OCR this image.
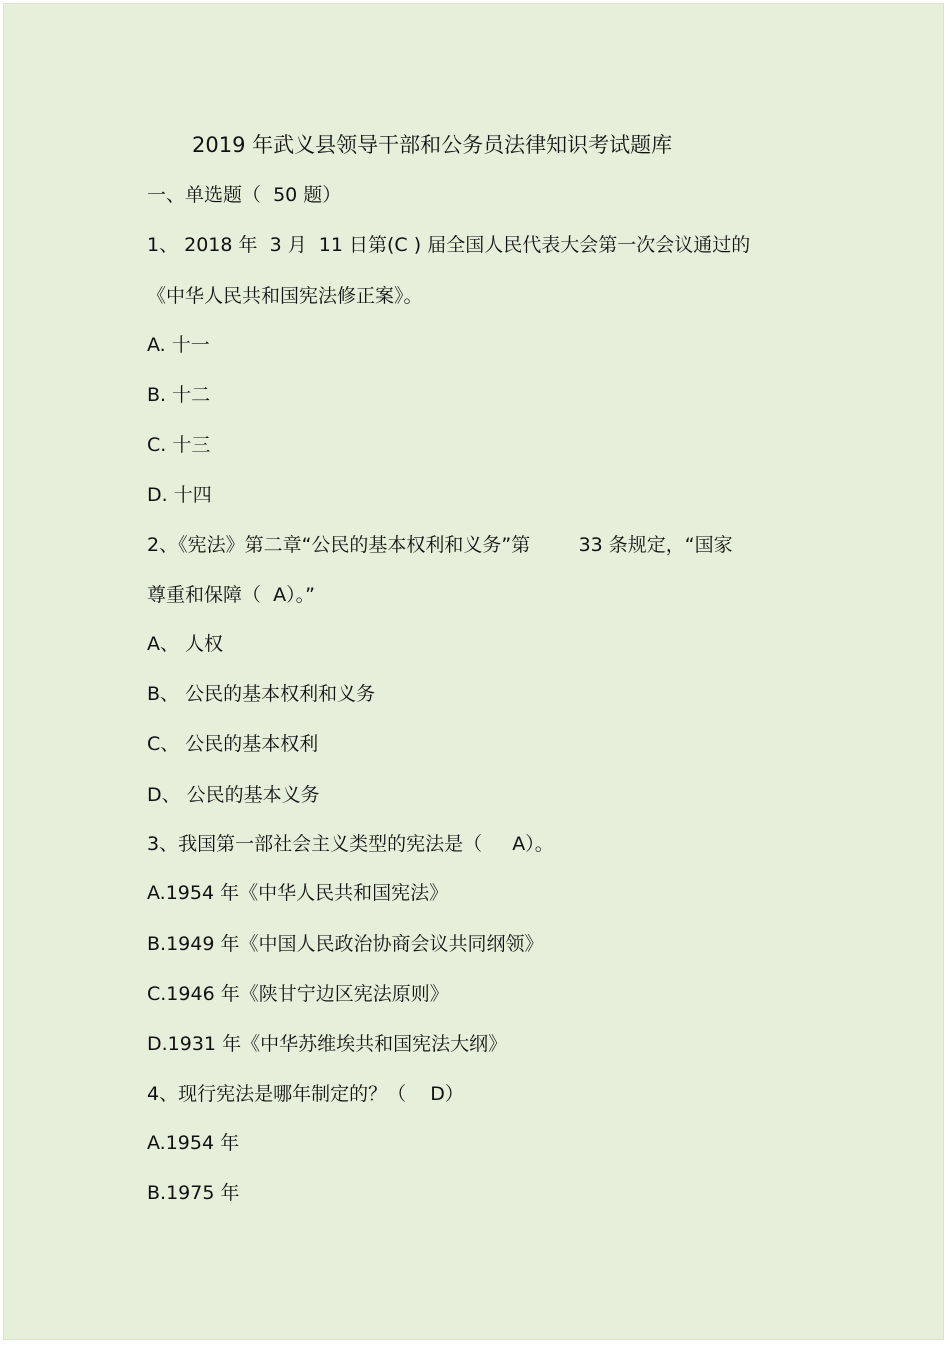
2019 年武义县领导干部和公务员法律知识考试题库
一、单选题（  50 题）
1、 2018 年  3 月  11 日第(C ) 届全国人民代表大会第一次会议通过的
《中华人民共和国宪法修正案》。
A. 十一
B. 十二
C. 十三
D. 十四
2、《宪法》第二章“公民的基本权利和义务”第        33 条规定，“国家
尊重和保障（  A）。”
A、 人权
B、 公民的基本权利和义务
C、 公民的基本权利
D、 公民的基本义务
3、我国第一部社会主义类型的宪法是（     A）。
A.1954 年《中华人民共和国宪法》
B.1949 年《中国人民政治协商会议共同纲领》
C.1946 年《陕甘宁边区宪法原则》
D.1931 年《中华苏维埃共和国宪法大纲》
4、现行宪法是哪年制定的？（    D）
A.1954 年
B.1975 年
